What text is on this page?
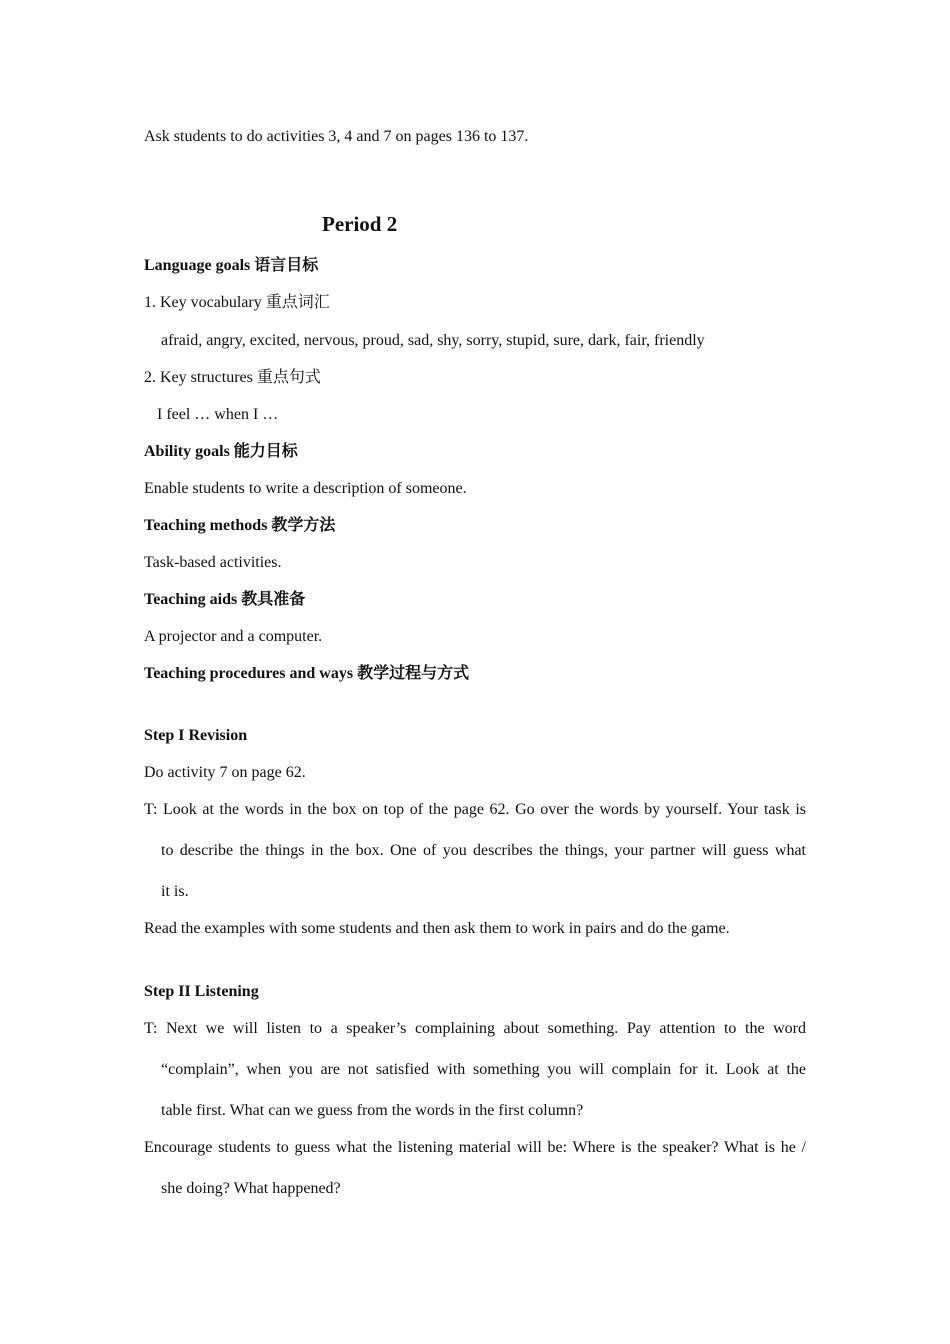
Ask students to do activities 3, 4 and 7 on pages 136 to 137.
Period 2
Language goals 语言目标
1. Key vocabulary 重点词汇
afraid, angry, excited, nervous, proud, sad, shy, sorry, stupid, sure, dark, fair, friendly
2. Key structures 重点句式
I feel … when I …
Ability goals 能力目标
Enable students to write a description of someone.
Teaching methods 教学方法
Task-based activities.
Teaching aids 教具准备
A projector and a computer.
Teaching procedures and ways 教学过程与方式
Step I Revision
Do activity 7 on page 62.
T: Look at the words in the box on top of the page 62. Go over the words by yourself. Your task is
to describe the things in the box. One of you describes the things, your partner will guess what
it is.
Read the examples with some students and then ask them to work in pairs and do the game.
Step II Listening
T: Next we will listen to a speaker’s complaining about something. Pay attention to the word
“complain”, when you are not satisfied with something you will complain for it. Look at the
table first. What can we guess from the words in the first column?
Encourage students to guess what the listening material will be: Where is the speaker? What is he /
she doing? What happened?
